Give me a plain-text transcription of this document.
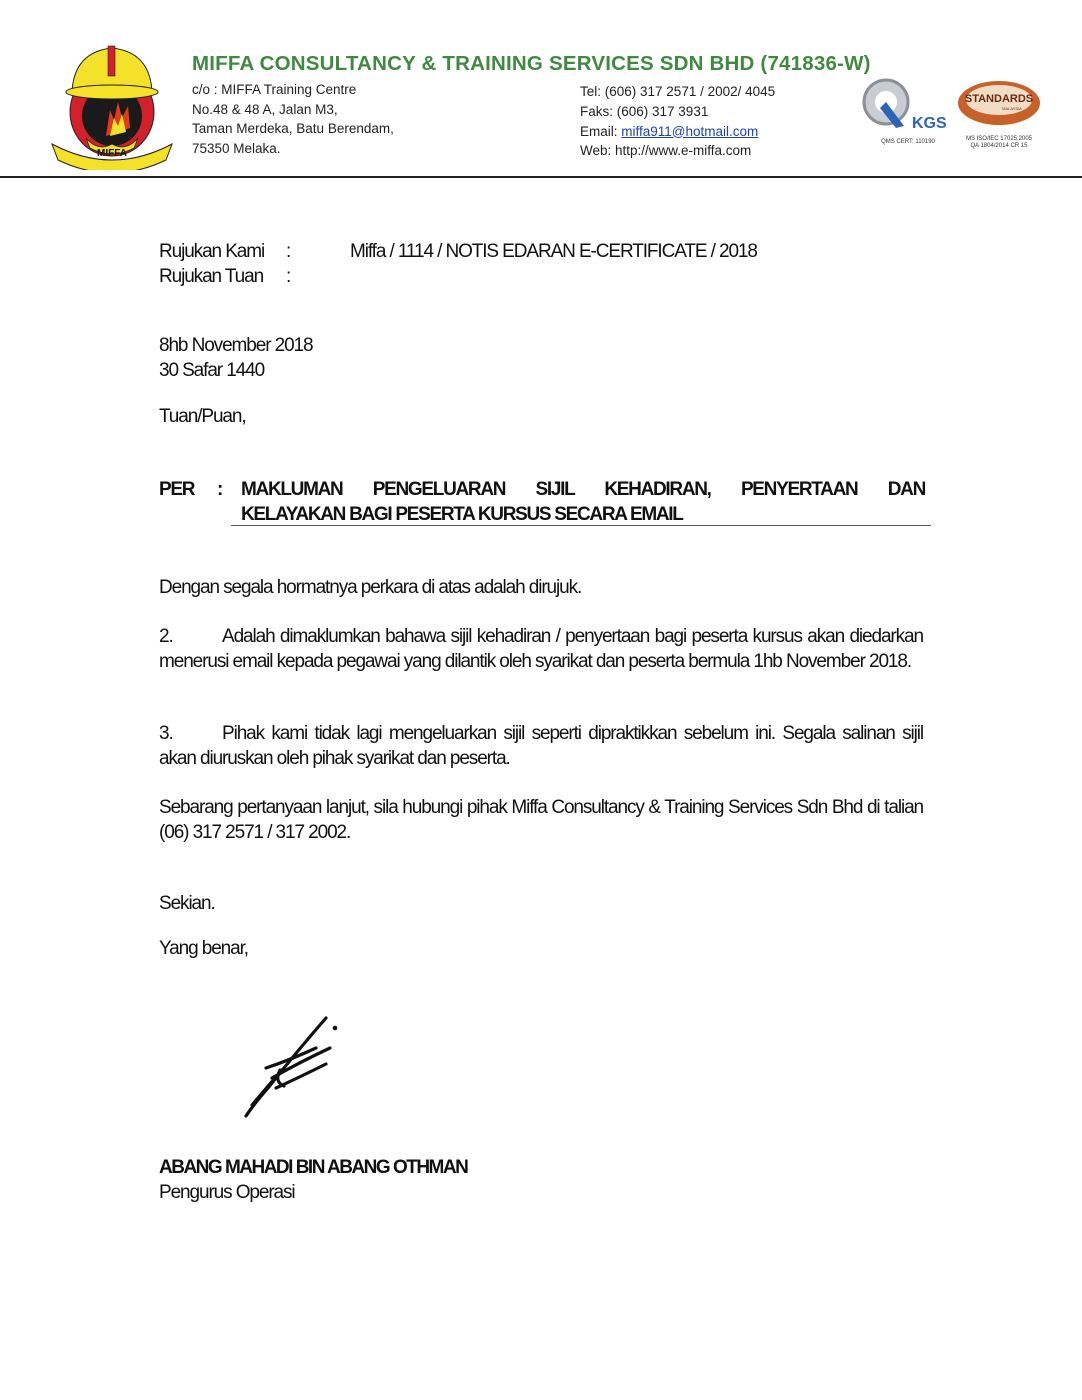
MIFFA
MIFFA CONSULTANCY & TRAINING SERVICES SDN BHD (741836-W)
c/o : MIFFA Training Centre
No.48 & 48 A, Jalan M3,
Taman Merdeka, Batu Berendam,
75350 Melaka.
Tel: (606) 317 2571 / 2002/ 4045
Faks: (606) 317 3931
Email: miffa911@hotmail.com
Web: http://www.e-miffa.com
KGS
QMS CERT: 110190
STANDARDS
MALAYSIA
MS ISO/IEC 17025:2005
QA 1804/2014 CR 15
Rujukan Kami :	Miffa / 1114 / NOTIS EDARAN E-CERTIFICATE / 2018
Rujukan Tuan :
8hb November 2018
30 Safar 1440
Tuan/Puan,
PER : MAKLUMAN PENGELUARAN SIJIL KEHADIRAN, PENYERTAAN DAN
KELAYAKAN BAGI PESERTA KURSUS SECARA EMAIL
Dengan segala hormatnya perkara di atas adalah dirujuk.
2.	Adalah dimaklumkan bahawa sijil kehadiran / penyertaan bagi peserta kursus akan diedarkan menerusi email kepada pegawai yang dilantik oleh syarikat dan peserta bermula 1hb November 2018.
3.	Pihak kami tidak lagi mengeluarkan sijil seperti dipraktikkan sebelum ini. Segala salinan sijil akan diuruskan oleh pihak syarikat dan peserta.
Sebarang pertanyaan lanjut, sila hubungi pihak Miffa Consultancy & Training Services Sdn Bhd di talian (06) 317 2571 / 317 2002.
Sekian.
Yang benar,
ABANG MAHADI BIN ABANG OTHMAN
Pengurus Operasi
